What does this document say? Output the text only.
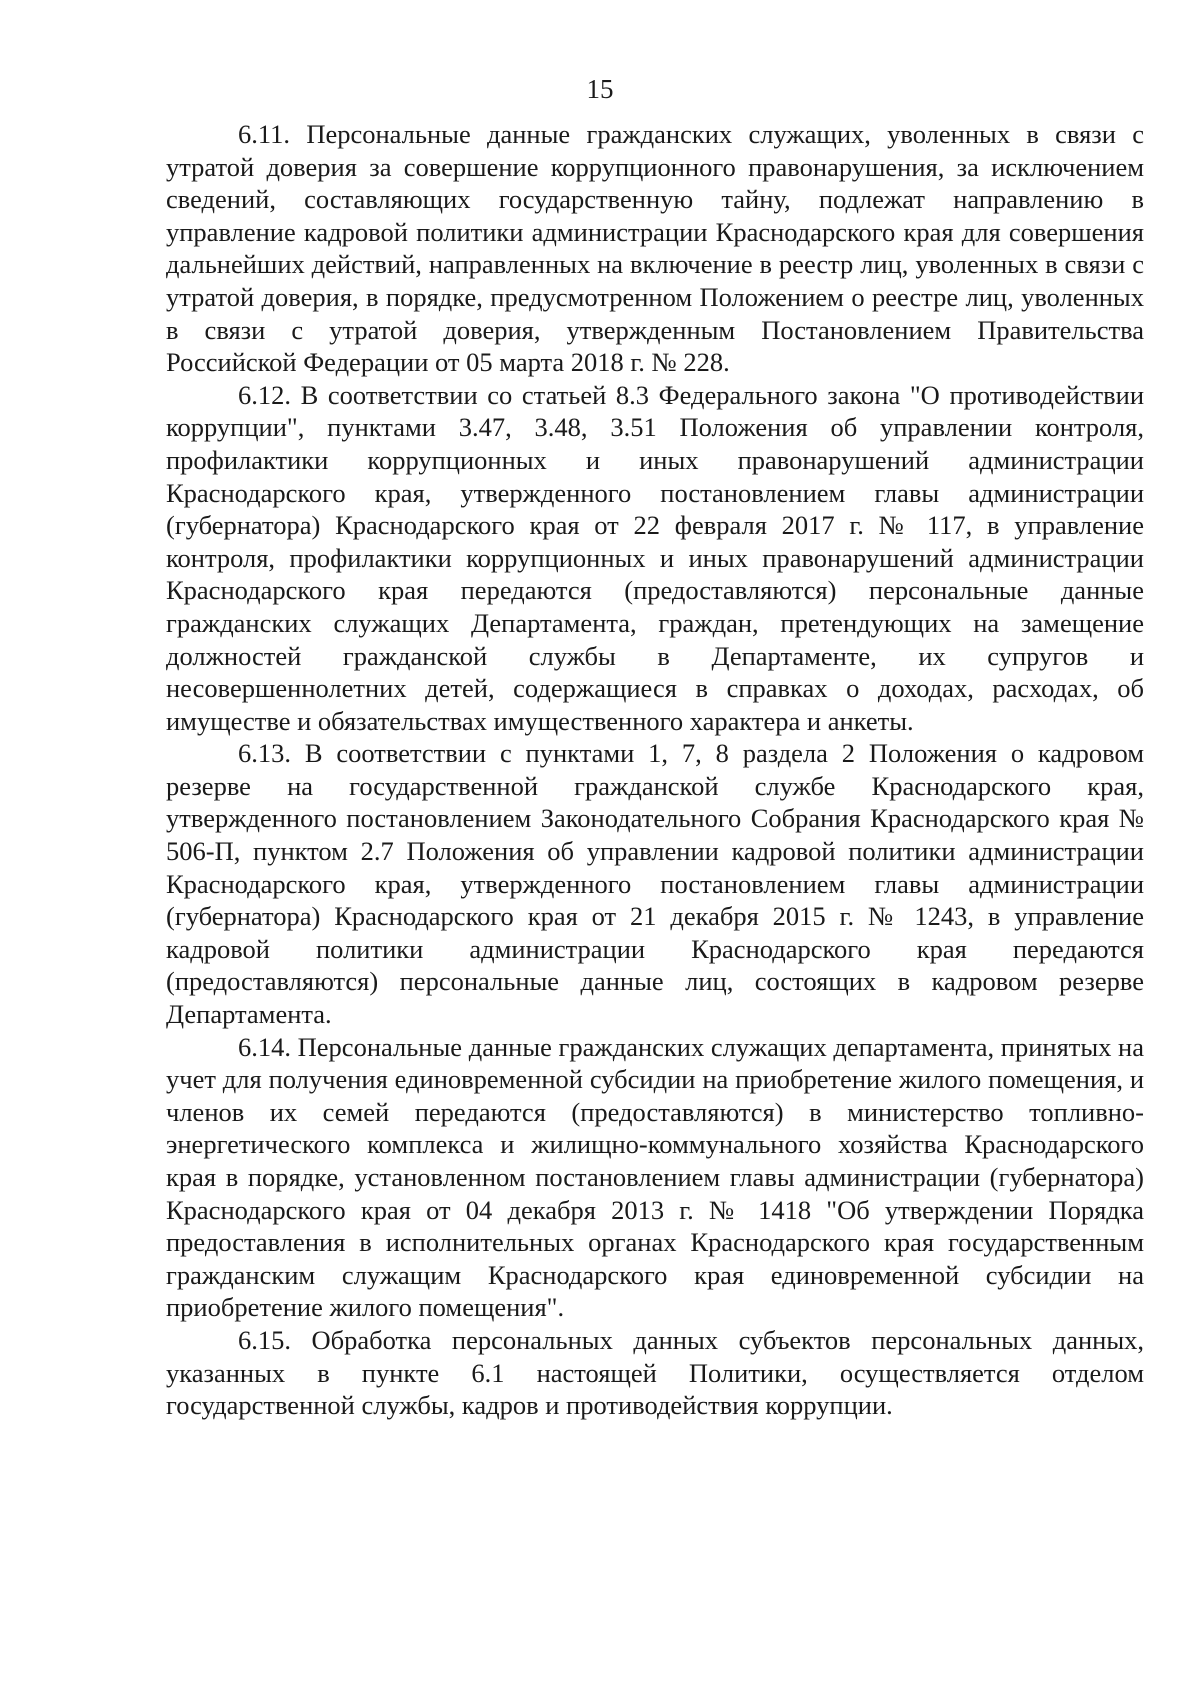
15

6.11. Персональные данные гражданских служащих, уволенных в связи с утратой доверия за совершение коррупционного правонарушения, за исключением сведений, составляющих государственную тайну, подлежат направлению в управление кадровой политики администрации Краснодарского края для совершения дальнейших действий, направленных на включение в реестр лиц, уволенных в связи с утратой доверия, в порядке, предусмотренном Положением о реестре лиц, уволенных в связи с утратой доверия, утвержденным Постановлением Правительства Российской Федерации от 05 марта 2018 г. № 228.

6.12. В соответствии со статьей 8.3 Федерального закона "О противодействии коррупции", пунктами 3.47, 3.48, 3.51 Положения об управлении контроля, профилактики коррупционных и иных правонарушений администрации Краснодарского края, утвержденного постановлением главы администрации (губернатора) Краснодарского края от 22 февраля 2017 г. № 117, в управление контроля, профилактики коррупционных и иных правонарушений администрации Краснодарского края передаются (предоставляются) персональные данные гражданских служащих Департамента, граждан, претендующих на замещение должностей гражданской службы в Департаменте, их супругов и несовершеннолетних детей, содержащиеся в справках о доходах, расходах, об имуществе и обязательствах имущественного характера и анкеты.

6.13. В соответствии с пунктами 1, 7, 8 раздела 2 Положения о кадровом резерве на государственной гражданской службе Краснодарского края, утвержденного постановлением Законодательного Собрания Краснодарского края № 506-П, пунктом 2.7 Положения об управлении кадровой политики администрации Краснодарского края, утвержденного постановлением главы администрации (губернатора) Краснодарского края от 21 декабря 2015 г. № 1243, в управление кадровой политики администрации Краснодарского края передаются (предоставляются) персональные данные лиц, состоящих в кадровом резерве Департамента.

6.14. Персональные данные гражданских служащих департамента, принятых на учет для получения единовременной субсидии на приобретение жилого помещения, и членов их семей передаются (предоставляются) в министерство топливно-энергетического комплекса и жилищно-коммунального хозяйства Краснодарского края в порядке, установленном постановлением главы администрации (губернатора) Краснодарского края от 04 декабря 2013 г. № 1418 "Об утверждении Порядка предоставления в исполнительных органах Краснодарского края государственным гражданским служащим Краснодарского края единовременной субсидии на приобретение жилого помещения".

6.15. Обработка персональных данных субъектов персональных данных, указанных в пункте 6.1 настоящей Политики, осуществляется отделом государственной службы, кадров и противодействия коррупции.
